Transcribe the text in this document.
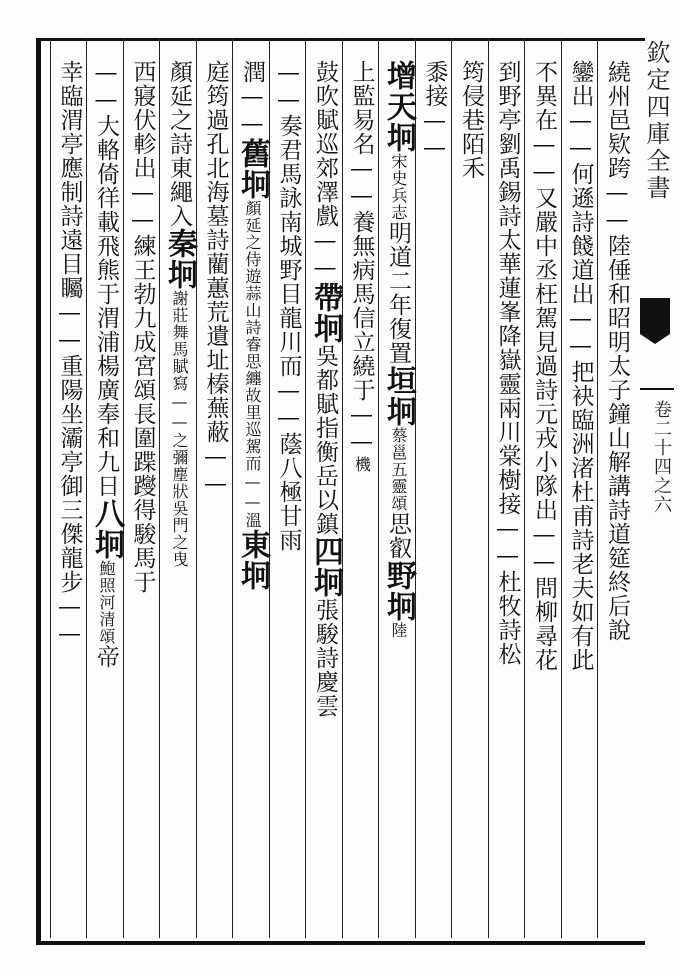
欽定四庫全書
卷二十四之六
繞州邑欵跨——陸倕和昭明太子鐘山解講詩道筵終后說
鑾出——何遜詩餞道出——把袂臨洲渚杜甫詩老夫如有此
不異在——又嚴中丞枉駕見過詩元戎小隊出——問柳尋花
到野亭劉禹錫詩太華蓮峯降嶽靈兩川棠樹接——杜牧詩松
筠侵巷陌禾
黍接——
增天坰宋史兵志明道二年復置垣坰蔡邕五靈頌思叡野坰陸
上監易名——養無病馬信立繞于——機
鼓吹賦巡郊澤戲——帶坰吳都賦指衡岳以鎮四坰張駿詩慶雲
——奏君馬詠南城野目龍川而——蔭八極甘雨
潤——舊坰顏延之侍遊蒜山詩睿思纏故里巡駕而——溫東坰
庭筠過孔北海墓詩藺蕙荒遺址榛蕪蔽——
顏延之詩東繩入秦坰謝莊舞馬賦寫——之彌塵狀吳門之曳
西寢伏軫出——練王勃九成宮頌長圍蹀躞得駿馬于
——大輅倚徉載飛熊于渭浦楊廣奉和九日八坰鮑照河清頌帝
幸臨渭亭應制詩遠目矚——重陽坐灞亭御三傑龍步——
